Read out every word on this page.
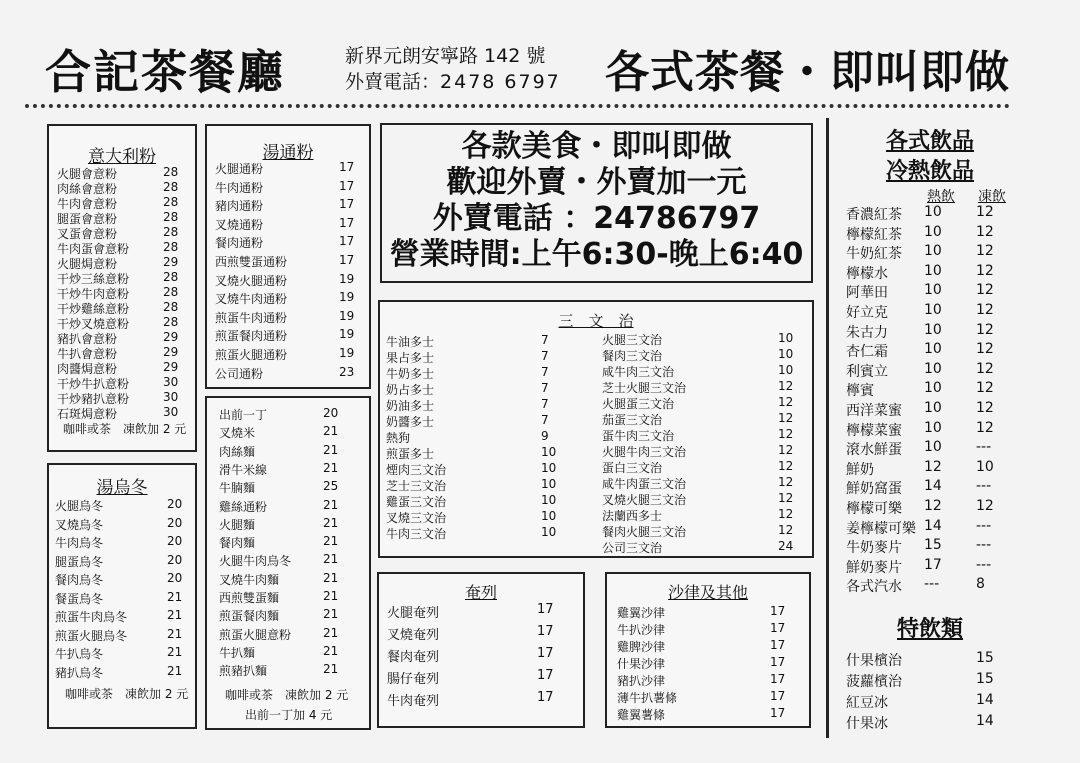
合記茶餐廳	新界元朗安寧路 142 號
外賣電話：2478 6797 各式茶餐・即叫即做
意大利粉
火腿會意粉	28
肉絲會意粉	28
牛肉會意粉	28
腿蛋會意粉	28
叉蛋會意粉	28
牛肉蛋會意粉	28
火腿焗意粉	29
干炒三絲意粉	28
干炒牛肉意粉	28
干炒雞絲意粉	28
干炒叉燒意粉	28
豬扒會意粉	29
牛扒會意粉	29
肉醬焗意粉	29
干炒牛扒意粉	30
干炒豬扒意粉	30
石斑焗意粉	30
咖啡或茶　凍飲加 2 元
湯通粉
火腿通粉	17
牛肉通粉	17
豬肉通粉	17
叉燒通粉	17
餐肉通粉	17
西煎雙蛋通粉	17
叉燒火腿通粉	19
叉燒牛肉通粉	19
煎蛋牛肉通粉	19
煎蛋餐肉通粉	19
煎蛋火腿通粉	19
公司通粉	23
出前一丁	20
叉燒米	21
肉絲麵	21
滑牛米線	21
牛腩麵	25
雞絲通粉	21
火腿麵	21
餐肉麵	21
火腿牛肉烏冬	21
叉燒牛肉麵	21
西煎雙蛋麵	21
煎蛋餐肉麵	21
煎蛋火腿意粉	21
牛扒麵	21
煎豬扒麵	21
咖啡或茶　凍飲加 2 元
出前一丁加 4 元
湯烏冬
火腿烏冬	20
叉燒烏冬	20
牛肉烏冬	20
腿蛋烏冬	20
餐肉烏冬	20
餐蛋烏冬	21
煎蛋牛肉烏冬	21
煎蛋火腿烏冬	21
牛扒烏冬	21
豬扒烏冬	21
咖啡或茶　凍飲加 2 元
各款美食・即叫即做
歡迎外賣・外賣加一元
外賣電話 ：24786797
營業時間:上午6:30-晚上6:40
三　文　治
牛油多士	7
果占多士	7
牛奶多士	7
奶占多士	7
奶油多士	7
奶醬多士	7
熱狗	9
煎蛋多士	10
煙肉三文治	10
芝士三文治	10
雞蛋三文治	10
叉燒三文治	10
牛肉三文治	10
火腿三文治	10
餐肉三文治	10
咸牛肉三文治	10
芝士火腿三文治	12
火腿蛋三文治	12
茄蛋三文治	12
蛋牛肉三文治	12
火腿牛肉三文治	12
蛋白三文治	12
咸牛肉蛋三文治	12
叉燒火腿三文治	12
法蘭西多士	12
餐肉火腿三文治	12
公司三文治	24
奄列
火腿奄列	17
叉燒奄列	17
餐肉奄列	17
腸仔奄列	17
牛肉奄列	17
沙律及其他
雞翼沙律	17
牛扒沙律	17
雞脾沙律	17
什果沙律	17
豬扒沙律	17
薄牛扒薯條	17
雞翼薯條	17
各式飲品
冷熱飲品
熱飲 凍飲
香濃紅茶 10 12
檸檬紅茶 10 12
牛奶紅茶 10 12
檸檬水	10 12
阿華田	10 12
好立克	10 12
朱古力	10 12
杏仁霜	10 12
利賓立	10 12
檸賓	10 12
西洋菜蜜 10 12
檸檬菜蜜 10 12
滾水鮮蛋 10 ---
鮮奶	12 10
鮮奶窩蛋 14 ---
檸檬可樂 12 12
姜檸檬可樂 14 ---
牛奶麥片 15 ---
鮮奶麥片 17 ---
各式汽水 ---	8
特飲類
什果檳治	15
菠蘿檳治	15
紅豆冰	14
什果冰	14
